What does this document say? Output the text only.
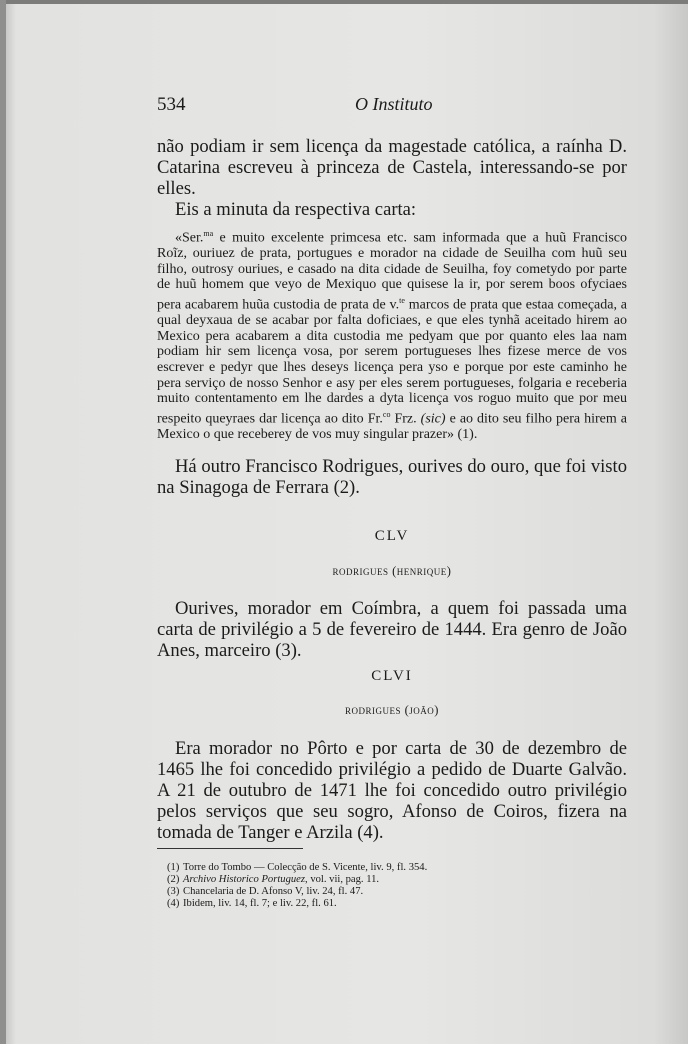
534	O Instituto

não podiam ir sem licença da magestade católica, a raínha D. Catarina escreveu à princeza de Castela, interessando-se por elles.

Eis a minuta da respectiva carta:

«Ser.$^{ma}$ e muito excelente primcesa etc. sam informada que a huũ Francisco Roĩz, ouriuez de prata, portugues e morador na cidade de Seuilha com huũ seu filho, outrosy ouriues, e casado na dita cidade de Seuilha, foy cometydo por parte de huũ homem que veyo de Mexiquo que quisese la ir, por serem boos ofyciaes pera acabarem huũa custodia de prata de v.$^{te}$ marcos de prata que estaa começada, a qual deyxaua de se acabar por falta doficiaes, e que eles tynhã aceitado hirem ao Mexico pera acabarem a dita custodia me pedyam que por quanto eles laa nam podiam hir sem licença vosa, por serem portugueses lhes fizese merce de vos escrever e pedyr que lhes deseys licença pera yso e porque por este caminho he pera serviço de nosso Senhor e asy per eles serem portugueses, folgaria e receberia muito contentamento em lhe dardes a dyta licença vos roguo muito que por meu respeito queyraes dar licença ao dito Fr.$^{co}$ Frz. (sic) e ao dito seu filho pera hirem a Mexico o que receberey de vos muy singular prazer» (1).

Há outro Francisco Rodrigues, ourives do ouro, que foi visto na Sinagoga de Ferrara (2).

CLV
rodrigues (henrique)

Ourives, morador em Coímbra, a quem foi passada uma carta de privilégio a 5 de fevereiro de 1444. Era genro de João Anes, marceiro (3).

CLVI
rodrigues (joão)

Era morador no Pôrto e por carta de 30 de dezembro de 1465 lhe foi concedido privilégio a pedido de Duarte Galvão. A 21 de outubro de 1471 lhe foi concedido outro privilégio pelos serviços que seu sogro, Afonso de Coiros, fizera na tomada de Tanger e Arzila (4).

(1) Torre do Tombo — Colecção de S. Vicente, liv. 9, fl. 354.
(2) Archivo Historico Portuguez, vol. vii, pag. 11.
(3) Chancelaria de D. Afonso V, liv. 24, fl. 47.
(4) Ibidem, liv. 14, fl. 7; e liv. 22, fl. 61.
